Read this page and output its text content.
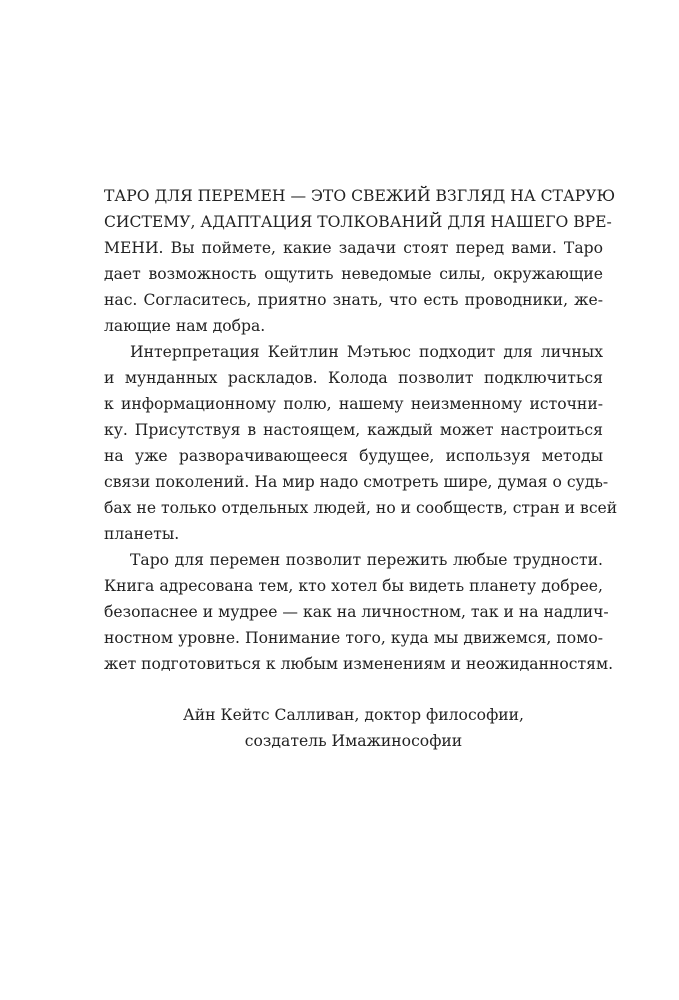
ТАРО ДЛЯ ПЕРЕМЕН — ЭТО СВЕЖИЙ ВЗГЛЯД НА СТАРУЮ
СИСТЕМУ, АДАПТАЦИЯ ТОЛКОВАНИЙ ДЛЯ НАШЕГО ВРЕ-
МЕНИ. Вы поймете, какие задачи стоят перед вами. Таро
дает возможность ощутить неведомые силы, окружающие
нас. Согласитесь, приятно знать, что есть проводники, же-
лающие нам добра.
Интерпретация Кейтлин Мэтьюс подходит для личных
и мунданных раскладов. Колода позволит подключиться
к информационному полю, нашему неизменному источни-
ку. Присутствуя в настоящем, каждый может настроиться
на уже разворачивающееся будущее, используя методы
связи поколений. На мир надо смотреть шире, думая о судь-
бах не только отдельных людей, но и сообществ, стран и всей
планеты.
Таро для перемен позволит пережить любые трудности.
Книга адресована тем, кто хотел бы видеть планету добрее,
безопаснее и мудрее — как на личностном, так и на надлич-
ностном уровне. Понимание того, куда мы движемся, помо-
жет подготовиться к любым изменениям и неожиданностям.
Айн Кейтс Салливан, доктор философии,
создатель Имажинософии
